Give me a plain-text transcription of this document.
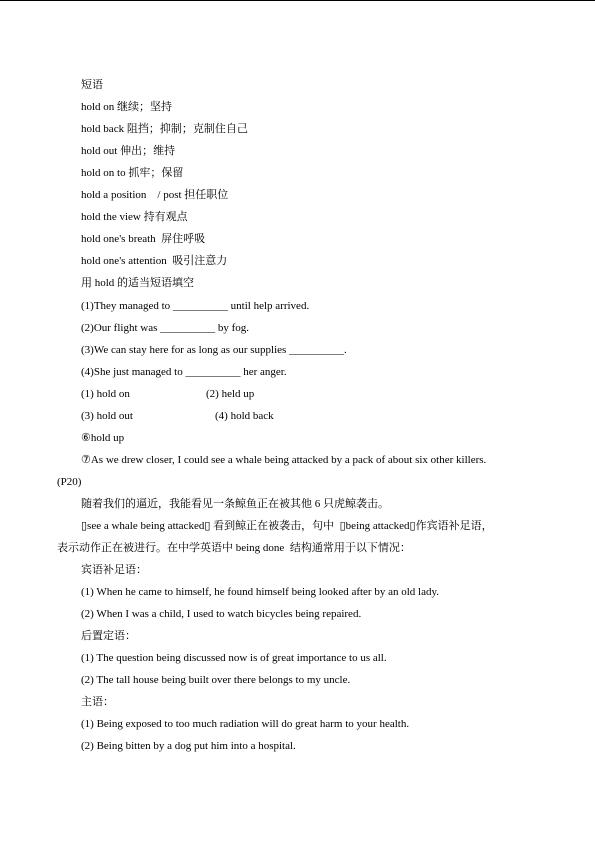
短语
hold on 继续；坚持
hold back 阻挡；抑制；克制住自己
hold out 伸出；维持
hold on to 抓牢；保留
hold a position    / post 担任职位
hold the view 持有观点
hold one's breath  屏住呼吸
hold one's attention  吸引注意力
用 hold 的适当短语填空
(1)They managed to __________ until help arrived.
(2)Our flight was __________ by fog.
(3)We can stay here for as long as our supplies __________.
(4)She just managed to __________ her anger.
(1) hold on	(2) held up
(3) hold out	(4) hold back
⑥hold up
⑦As we drew closer, I could see a whale being attacked by a pack of about six other killers.
(P20)
随着我们的逼近，我能看见一条鲸鱼正在被其他 6 只虎鲸袭击。
▯see a whale being attacked▯ 看到鲸正在被袭击，句中  ▯being attacked▯作宾语补足语，
表示动作正在被进行。在中学英语中 being done  结构通常用于以下情况：
宾语补足语：
(1) When he came to himself, he found himself being looked after by an old lady.
(2) When I was a child, I used to watch bicycles being repaired.
后置定语：
(1) The question being discussed now is of great importance to us all.
(2) The tall house being built over there belongs to my uncle.
主语：
(1) Being exposed to too much radiation will do great harm to your health.
(2) Being bitten by a dog put him into a hospital.
